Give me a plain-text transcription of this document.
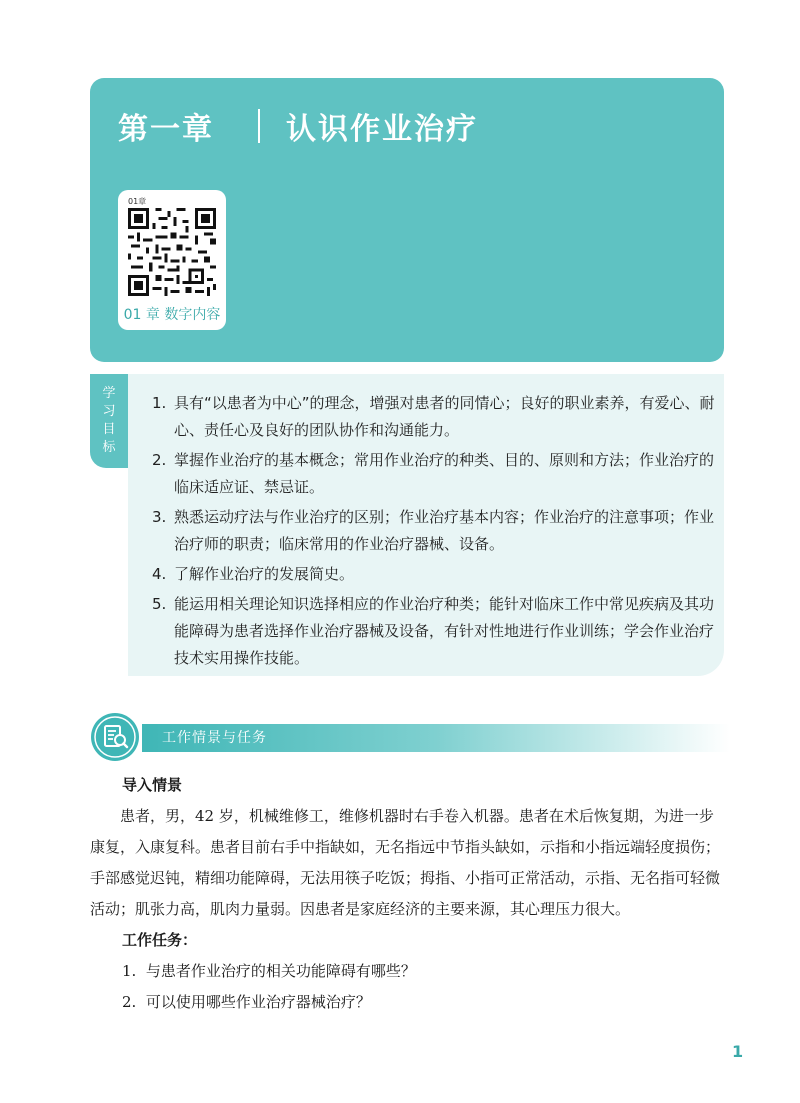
第一章 认识作业治疗
01章
01 章 数字内容
学
习
目
标
1. 具有“以患者为中心”的理念，增强对患者的同情心；良好的职业素养，有爱心、耐心、责任心及良好的团队协作和沟通能力。
2. 掌握作业治疗的基本概念；常用作业治疗的种类、目的、原则和方法；作业治疗的临床适应证、禁忌证。
3. 熟悉运动疗法与作业治疗的区别；作业治疗基本内容；作业治疗的注意事项；作业治疗师的职责；临床常用的作业治疗器械、设备。
4. 了解作业治疗的发展简史。
5. 能运用相关理论知识选择相应的作业治疗种类；能针对临床工作中常见疾病及其功能障碍为患者选择作业治疗器械及设备，有针对性地进行作业训练；学会作业治疗技术实用操作技能。
工作情景与任务
导入情景
患者，男，42 岁，机械维修工，维修机器时右手卷入机器。患者在术后恢复期，为进一步康复，入康复科。患者目前右手中指缺如，无名指远中节指头缺如，示指和小指远端轻度损伤；手部感觉迟钝，精细功能障碍，无法用筷子吃饭；拇指、小指可正常活动，示指、无名指可轻微活动；肌张力高，肌肉力量弱。因患者是家庭经济的主要来源，其心理压力很大。
工作任务：
1. 与患者作业治疗的相关功能障碍有哪些？
2. 可以使用哪些作业治疗器械治疗？
1
